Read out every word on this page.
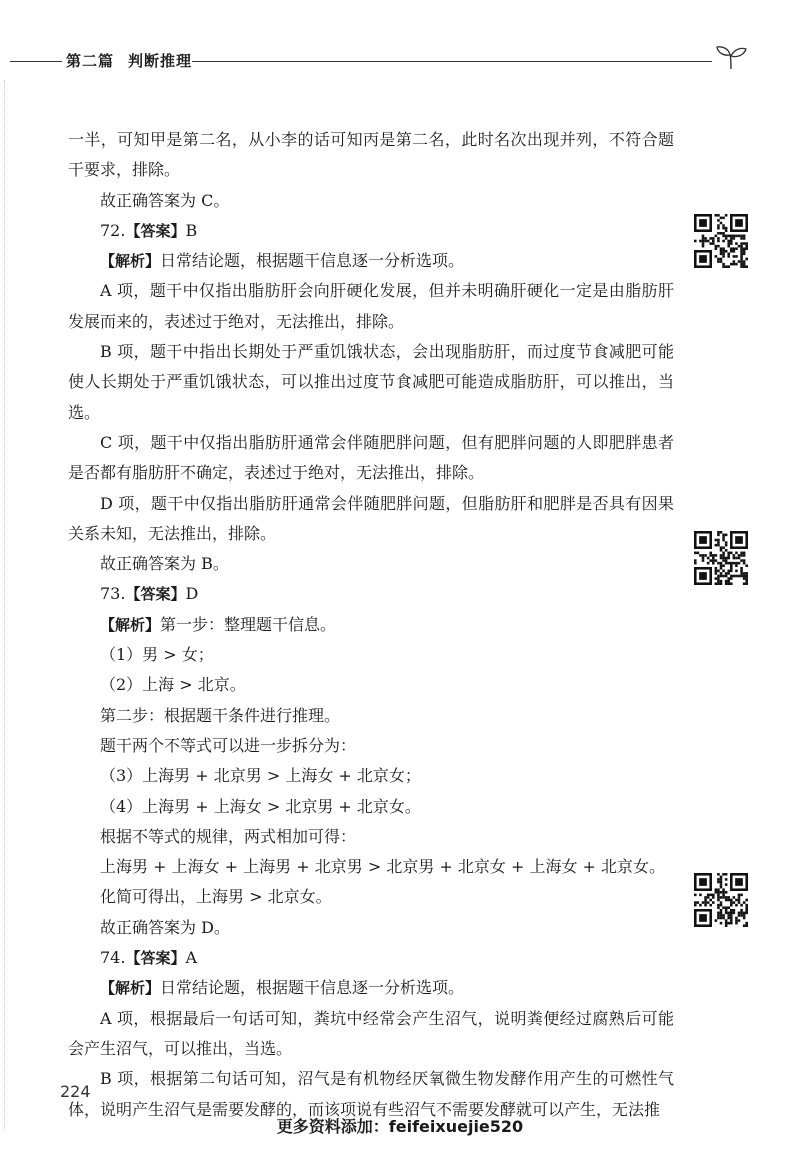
第二篇 判断推理

一半，可知甲是第二名，从小李的话可知丙是第二名，此时名次出现并列，不符合题干要求，排除。

故正确答案为 C。

72.【答案】B

【解析】日常结论题，根据题干信息逐一分析选项。

A 项，题干中仅指出脂肪肝会向肝硬化发展，但并未明确肝硬化一定是由脂肪肝发展而来的，表述过于绝对，无法推出，排除。

B 项，题干中指出长期处于严重饥饿状态，会出现脂肪肝，而过度节食减肥可能使人长期处于严重饥饿状态，可以推出过度节食减肥可能造成脂肪肝，可以推出，当选。

C 项，题干中仅指出脂肪肝通常会伴随肥胖问题，但有肥胖问题的人即肥胖患者是否都有脂肪肝不确定，表述过于绝对，无法推出，排除。

D 项，题干中仅指出脂肪肝通常会伴随肥胖问题，但脂肪肝和肥胖是否具有因果关系未知，无法推出，排除。

故正确答案为 B。

73.【答案】D

【解析】第一步：整理题干信息。

（1）男 > 女；

（2）上海 > 北京。

第二步：根据题干条件进行推理。

题干两个不等式可以进一步拆分为：

（3）上海男 + 北京男 > 上海女 + 北京女；

（4）上海男 + 上海女 > 北京男 + 北京女。

根据不等式的规律，两式相加可得：

上海男 + 上海女 + 上海男 + 北京男 > 北京男 + 北京女 + 上海女 + 北京女。

化简可得出，上海男 > 北京女。

故正确答案为 D。

74.【答案】A

【解析】日常结论题，根据题干信息逐一分析选项。

A 项，根据最后一句话可知，粪坑中经常会产生沼气，说明粪便经过腐熟后可能会产生沼气，可以推出，当选。

B 项，根据第二句话可知，沼气是有机物经厌氧微生物发酵作用产生的可燃性气体，说明产生沼气是需要发酵的，而该项说有些沼气不需要发酵就可以产生，无法推

224
更多资料添加：feifeixuejie520
